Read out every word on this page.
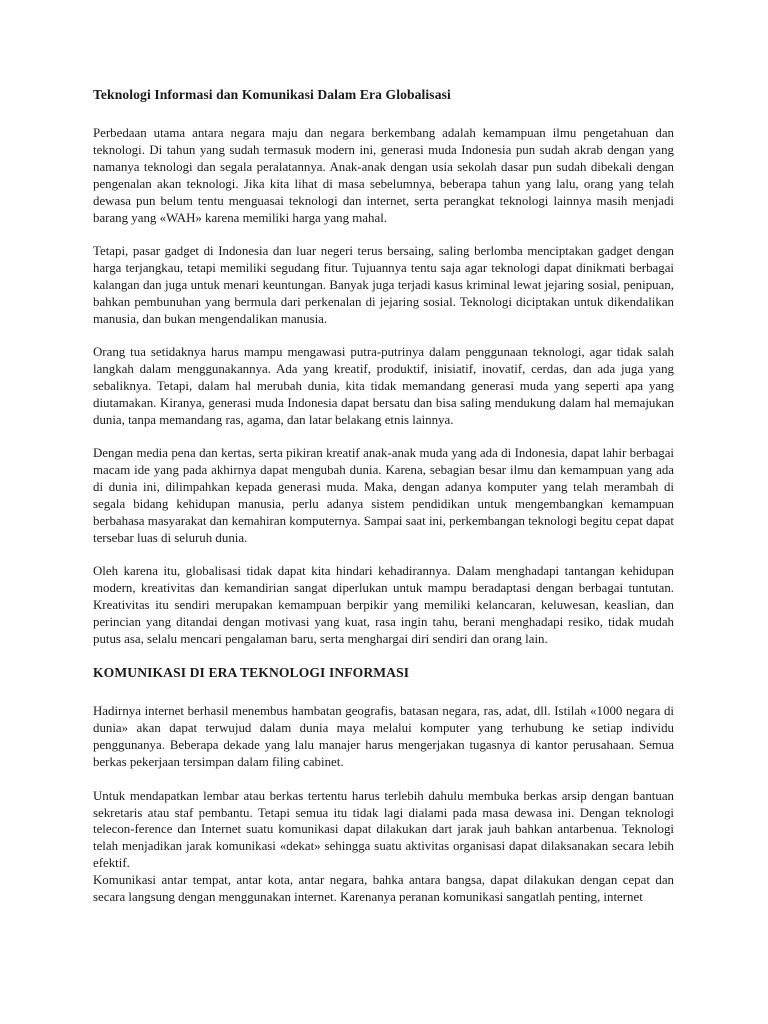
Teknologi Informasi dan Komunikasi Dalam Era Globalisasi

Perbedaan utama antara negara maju dan negara berkembang adalah kemampuan ilmu pengetahuan dan teknologi. Di tahun yang sudah termasuk modern ini, generasi muda Indonesia pun sudah akrab dengan yang namanya teknologi dan segala peralatannya. Anak-anak dengan usia sekolah dasar pun sudah dibekali dengan pengenalan akan teknologi. Jika kita lihat di masa sebelumnya, beberapa tahun yang lalu, orang yang telah dewasa pun belum tentu menguasai teknologi dan internet, serta perangkat teknologi lainnya masih menjadi barang yang «WAH» karena memiliki harga yang mahal.

Tetapi, pasar gadget di Indonesia dan luar negeri terus bersaing, saling berlomba menciptakan gadget dengan harga terjangkau, tetapi memiliki segudang fitur. Tujuannya tentu saja agar teknologi dapat dinikmati berbagai kalangan dan juga untuk menari keuntungan. Banyak juga terjadi kasus kriminal lewat jejaring sosial, penipuan, bahkan pembunuhan yang bermula dari perkenalan di jejaring sosial. Teknologi diciptakan untuk dikendalikan manusia, dan bukan mengendalikan manusia.

Orang tua setidaknya harus mampu mengawasi putra-putrinya dalam penggunaan teknologi, agar tidak salah langkah dalam menggunakannya. Ada yang kreatif, produktif, inisiatif, inovatif, cerdas, dan ada juga yang sebaliknya. Tetapi, dalam hal merubah dunia, kita tidak memandang generasi muda yang seperti apa yang diutamakan. Kiranya, generasi muda Indonesia dapat bersatu dan bisa saling mendukung dalam hal memajukan dunia, tanpa memandang ras, agama, dan latar belakang etnis lainnya.

Dengan media pena dan kertas, serta pikiran kreatif anak-anak muda yang ada di Indonesia, dapat lahir berbagai macam ide yang pada akhirnya dapat mengubah dunia. Karena, sebagian besar ilmu dan kemampuan yang ada di dunia ini, dilimpahkan kepada generasi muda. Maka, dengan adanya komputer yang telah merambah di segala bidang kehidupan manusia, perlu adanya sistem pendidikan untuk mengembangkan kemampuan berbahasa masyarakat dan kemahiran komputernya. Sampai saat ini, perkembangan teknologi begitu cepat dapat tersebar luas di seluruh dunia.

Oleh karena itu, globalisasi tidak dapat kita hindari kehadirannya. Dalam menghadapi tantangan kehidupan modern, kreativitas dan kemandirian sangat diperlukan untuk mampu beradaptasi dengan berbagai tuntutan. Kreativitas itu sendiri merupakan kemampuan berpikir yang memiliki kelancaran, keluwesan, keaslian, dan perincian yang ditandai dengan motivasi yang kuat, rasa ingin tahu, berani menghadapi resiko, tidak mudah putus asa, selalu mencari pengalaman baru, serta menghargai diri sendiri dan orang lain.

KOMUNIKASI DI ERA TEKNOLOGI INFORMASI

Hadirnya internet berhasil menembus hambatan geografis, batasan negara, ras, adat, dll. Istilah «1000 negara di dunia» akan dapat terwujud dalam dunia maya melalui komputer yang terhubung ke setiap individu penggunanya. Beberapa dekade yang lalu manajer harus mengerjakan tugasnya di kantor perusahaan. Semua berkas pekerjaan tersimpan dalam filing cabinet.

Untuk mendapatkan lembar atau berkas tertentu harus terlebih dahulu membuka berkas arsip dengan bantuan sekretaris atau staf pembantu. Tetapi semua itu tidak lagi dialami pada masa dewasa ini. Dengan teknologi telecon-ference dan Internet suatu komunikasi dapat dilakukan dart jarak jauh bahkan antarbenua. Teknologi telah menjadikan jarak komunikasi «dekat» sehingga suatu aktivitas organisasi dapat dilaksanakan secara lebih efektif.

Komunikasi antar tempat, antar kota, antar negara, bahka antara bangsa, dapat dilakukan dengan cepat dan secara langsung dengan menggunakan internet. Karenanya peranan komunikasi sangatlah penting, internet
